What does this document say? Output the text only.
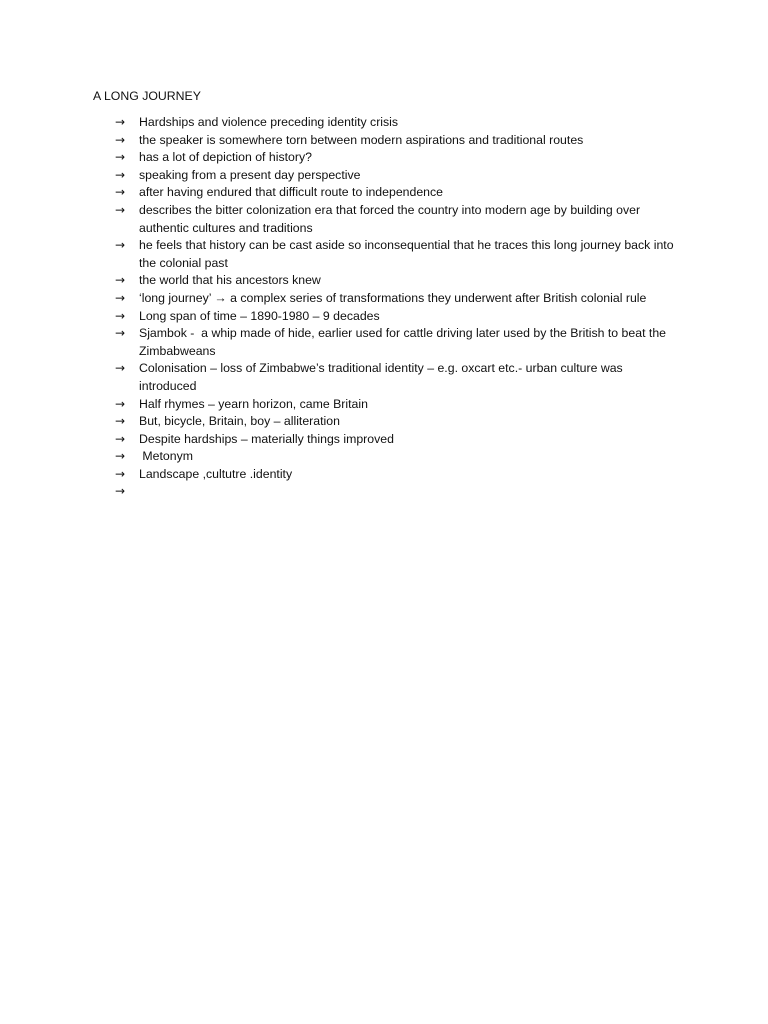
A LONG JOURNEY
→	Hardships and violence preceding identity crisis
→	the speaker is somewhere torn between modern aspirations and traditional routes
→	has a lot of depiction of history?
→	speaking from a present day perspective
→	after having endured that difficult route to independence
→	describes the bitter colonization era that forced the country into modern age by building over authentic cultures and traditions
→	he feels that history can be cast aside so inconsequential that he traces this long journey back into the colonial past
→	the world that his ancestors knew
→	‘long journey’ → a complex series of transformations they underwent after British colonial rule
→	Long span of time – 1890-1980 – 9 decades
→	Sjambok -  a whip made of hide, earlier used for cattle driving later used by the British to beat the Zimbabweans
→	Colonisation – loss of Zimbabwe’s traditional identity – e.g. oxcart etc.- urban culture was introduced
→	Half rhymes – yearn horizon, came Britain
→	But, bicycle, Britain, boy – alliteration
→	Despite hardships – materially things improved
→	Metonym
→	Landscape ,cultutre .identity
→
